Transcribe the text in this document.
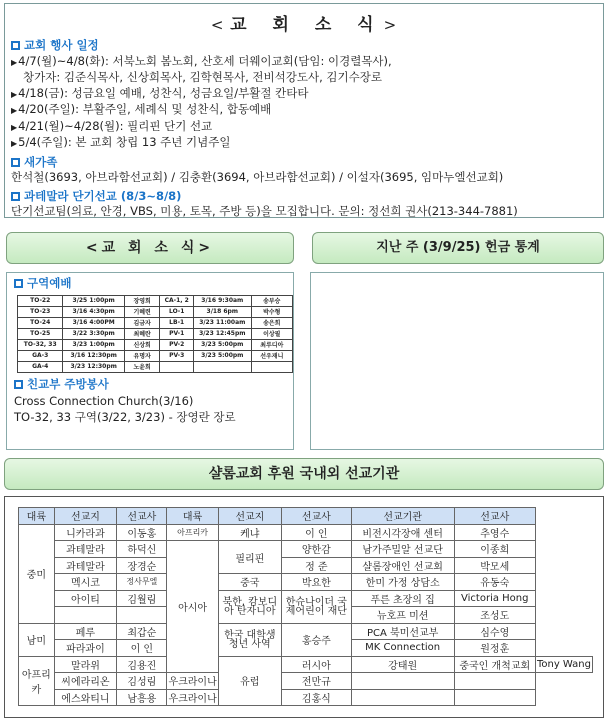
< 교 회 소 식>
교회 행사 일정
▶ 4/7(월)~4/8(화): 서북노회 봄노회, 산호세 더웨이교회(담임: 이경렬목사),
창가자: 김준식목사, 신상희목사, 김학현목사, 전비석강도사, 김기수장로
▶ 4/18(금): 성금요일 예배, 성찬식, 성금요일/부활절 칸타타
▶ 4/20(주일): 부활주일, 세례식 및 성찬식, 합동예배
▶ 4/21(월)~4/28(월): 필리핀 단기 선교
▶ 5/4(주일): 본 교회 창립 13 주년 기념주일
새가족
한석철(3693, 아브라함선교회) / 김충환(3694, 아브라함선교회) / 이설자(3695, 임마누엘선교회)
과테말라 단기선교 (8/3~8/8)
단기선교팀(의료, 안경, VBS, 미용, 토목, 주방 등)을 모집합니다. 문의: 정선희 권사(213-344-7881)
<교 회 소 식>	지난 주 (3/9/25) 헌금 통계
구역예배
TO-22	3/25 1:00pm	장영희	CA-1, 2	3/16 9:30am	송부승
TO-23	3/16 4:30pm	기혜련	LO-1	3/18 6pm	박수형
TO-24	3/16 4:00PM	김금자	LB-1	3/23 11:00am	송은희
TO-25	3/22 3:30pm	최혜란	PV-1	3/23 12:45pm	이상필
TO-32, 33	3/23 1:00pm	신상희	PV-2	3/23 5:00pm	최루디아
GA-3	3/16 12:30pm	유명자	PV-3	3/23 5:00pm	선우재니
GA-4	3/23 12:30pm	노윤희			
친교부 주방봉사
Cross Connection Church(3/16)
TO-32, 33 구역(3/22, 3/23) - 장영란 장로
샬롬교회 후원 국내외 선교기관
대륙	선교지	선교사	대륙	선교지	선교사	선교기관	선교사	
중미	니카라과	이동홍	아프리카	케냐	이 인	비전시각장애 센터	추영수	
	과테말라	하덕신	아시아	필리핀	양한감	남가주밀알 선교단	이종희	
	과테말라	장경순			정 준	샬롬장애인 선교회	박모세	
	멕시코	정사무엘		중국	박요한	한미 가정 상담소	유동숙	
	아이티	김월림		북한, 캄보디아 탄자니아	한슈나이더 국제어린이 재단	푸른 초장의 집	Victoria Hong	
						뉴호프 미션	조성도	
남미	페루	최갑순		한국 대학생 청년 사역	홍승주	PCA 북미선교부	심수영	
	파라과이	이 인				MK Connection	원정훈	
아프리카	말라위	김용진		유럽	러시아	강태원	중국인 개척교회	Tony Wang
	씨에라리온	김성림	우크라이나		전만규			
	에스와티니	남흥용	우크라이나		김홍식			
